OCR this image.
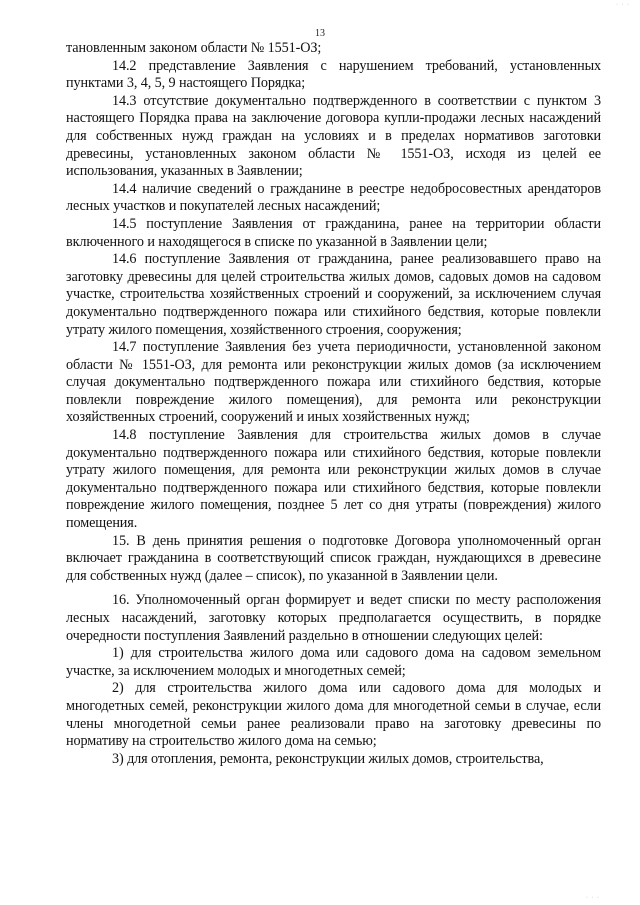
· · ·
13

тановленным законом области № 1551-ОЗ;

14.2 представление Заявления с нарушением требований, установленных пунктами 3, 4, 5, 9 настоящего Порядка;

14.3 отсутствие документально подтвержденного в соответствии с пунктом 3 настоящего Порядка права на заключение договора купли-продажи лесных насаждений для собственных нужд граждан на условиях и в пределах нормативов заготовки древесины, установленных законом области № 1551-ОЗ, исходя из целей ее использования, указанных в Заявлении;

14.4 наличие сведений о гражданине в реестре недобросовестных арендаторов лесных участков и покупателей лесных насаждений;

14.5 поступление Заявления от гражданина, ранее на территории области включенного и находящегося в списке по указанной в Заявлении цели;

14.6 поступление Заявления от гражданина, ранее реализовавшего право на заготовку древесины для целей строительства жилых домов, садовых домов на садовом участке, строительства хозяйственных строений и сооружений, за исключением случая документально подтвержденного пожара или стихийного бедствия, которые повлекли утрату жилого помещения, хозяйственного строения, сооружения;

14.7 поступление Заявления без учета периодичности, установленной законом области № 1551-ОЗ, для ремонта или реконструкции жилых домов (за исключением случая документально подтвержденного пожара или стихийного бедствия, которые повлекли повреждение жилого помещения), для ремонта или реконструкции хозяйственных строений, сооружений и иных хозяйственных нужд;

14.8 поступление Заявления для строительства жилых домов в случае документально подтвержденного пожара или стихийного бедствия, которые повлекли утрату жилого помещения, для ремонта или реконструкции жилых домов в случае документально подтвержденного пожара или стихийного бедствия, которые повлекли повреждение жилого помещения, позднее 5 лет со дня утраты (повреждения) жилого помещения.

15. В день принятия решения о подготовке Договора уполномоченный орган включает гражданина в соответствующий список граждан, нуждающихся в древесине для собственных нужд (далее – список), по указанной в Заявлении цели.

16. Уполномоченный орган формирует и ведет списки по месту расположения лесных насаждений, заготовку которых предполагается осуществить, в порядке очередности поступления Заявлений раздельно в отношении следующих целей:

1) для строительства жилого дома или садового дома на садовом земельном участке, за исключением молодых и многодетных семей;

2) для строительства жилого дома или садового дома для молодых и многодетных семей, реконструкции жилого дома для многодетной семьи в случае, если члены многодетной семьи ранее реализовали право на заготовку древесины по нормативу на строительство жилого дома на семью;

3) для отопления, ремонта, реконструкции жилых домов, строительства,

· · ·
